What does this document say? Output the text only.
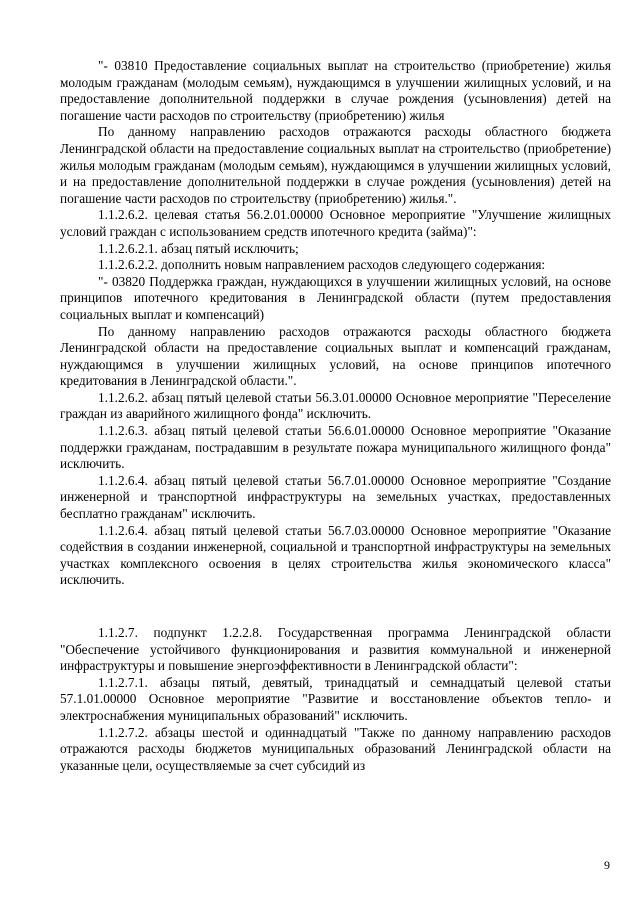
"- 03810 Предоставление социальных выплат на строительство (приобретение) жилья молодым гражданам (молодым семьям), нуждающимся в улучшении жилищных условий, и на предоставление дополнительной поддержки в случае рождения (усыновления) детей на погашение части расходов по строительству (приобретению) жилья

По данному направлению расходов отражаются расходы областного бюджета Ленинградской области на предоставление социальных выплат на строительство (приобретение) жилья молодым гражданам (молодым семьям), нуждающимся в улучшении жилищных условий, и на предоставление дополнительной поддержки в случае рождения (усыновления) детей на погашение части расходов по строительству (приобретению) жилья.".

1.1.2.6.2. целевая статья 56.2.01.00000 Основное мероприятие "Улучшение жилищных условий граждан с использованием средств ипотечного кредита (займа)":

1.1.2.6.2.1. абзац пятый исключить;

1.1.2.6.2.2. дополнить новым направлением расходов следующего содержания:

"- 03820 Поддержка граждан, нуждающихся в улучшении жилищных условий, на основе принципов ипотечного кредитования в Ленинградской области (путем предоставления социальных выплат и компенсаций)

По данному направлению расходов отражаются расходы областного бюджета Ленинградской области на предоставление социальных выплат и компенсаций гражданам, нуждающимся в улучшении жилищных условий, на основе принципов ипотечного кредитования в Ленинградской области.".

1.1.2.6.2. абзац пятый целевой статьи 56.3.01.00000 Основное мероприятие "Переселение граждан из аварийного жилищного фонда" исключить.

1.1.2.6.3. абзац пятый целевой статьи 56.6.01.00000 Основное мероприятие "Оказание поддержки гражданам, пострадавшим в результате пожара муниципального жилищного фонда" исключить.

1.1.2.6.4. абзац пятый целевой статьи 56.7.01.00000 Основное мероприятие "Создание инженерной и транспортной инфраструктуры на земельных участках, предоставленных бесплатно гражданам" исключить.

1.1.2.6.4. абзац пятый целевой статьи 56.7.03.00000 Основное мероприятие "Оказание содействия в создании инженерной, социальной и транспортной инфраструктуры на земельных участках комплексного освоения в целях строительства жилья экономического класса" исключить.

1.1.2.7. подпункт 1.2.2.8. Государственная программа Ленинградской области "Обеспечение устойчивого функционирования и развития коммунальной и инженерной инфраструктуры и повышение энергоэффективности в Ленинградской области":

1.1.2.7.1. абзацы пятый, девятый, тринадцатый и семнадцатый целевой статьи 57.1.01.00000 Основное мероприятие "Развитие и восстановление объектов тепло- и электроснабжения муниципальных образований" исключить.

1.1.2.7.2. абзацы шестой и одиннадцатый "Также по данному направлению расходов отражаются расходы бюджетов муниципальных образований Ленинградской области на указанные цели, осуществляемые за счет субсидий из

9
